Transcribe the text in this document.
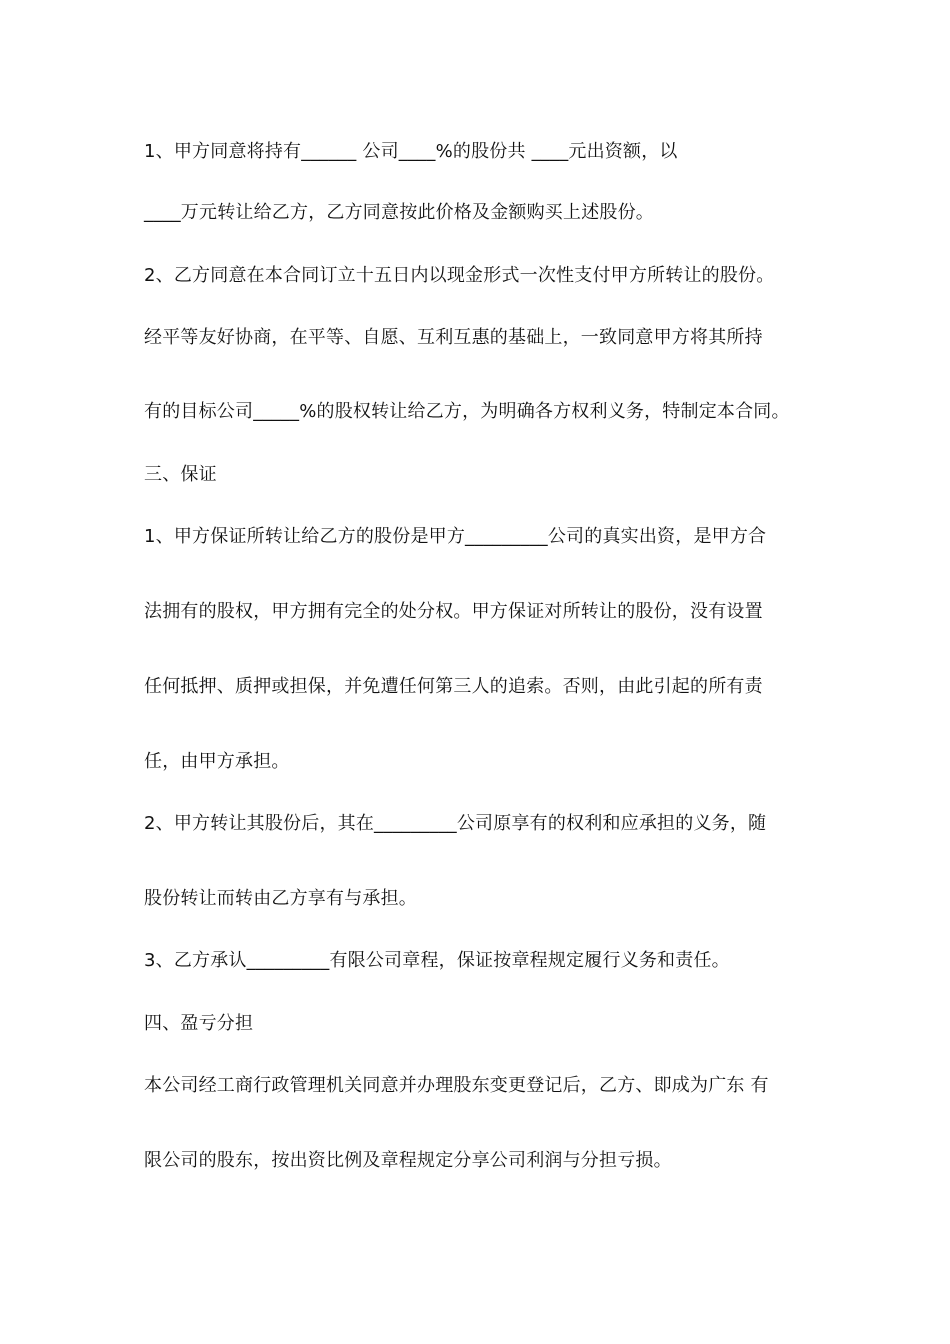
1、甲方同意将持有______ 公司____%的股份共 ____元出资额，以
____万元转让给乙方，乙方同意按此价格及金额购买上述股份。
2、乙方同意在本合同订立十五日内以现金形式一次性支付甲方所转让的股份。
经平等友好协商，在平等、自愿、互利互惠的基础上，一致同意甲方将其所持
有的目标公司_____%的股权转让给乙方，为明确各方权利义务，特制定本合同。
三、保证
1、甲方保证所转让给乙方的股份是甲方_________公司的真实出资，是甲方合
法拥有的股权，甲方拥有完全的处分权。甲方保证对所转让的股份，没有设置
任何抵押、质押或担保，并免遭任何第三人的追索。否则，由此引起的所有责
任，由甲方承担。
2、甲方转让其股份后，其在_________公司原享有的权利和应承担的义务，随
股份转让而转由乙方享有与承担。
3、乙方承认_________有限公司章程，保证按章程规定履行义务和责任。
四、盈亏分担
本公司经工商行政管理机关同意并办理股东变更登记后，乙方、即成为广东 有
限公司的股东，按出资比例及章程规定分享公司利润与分担亏损。
